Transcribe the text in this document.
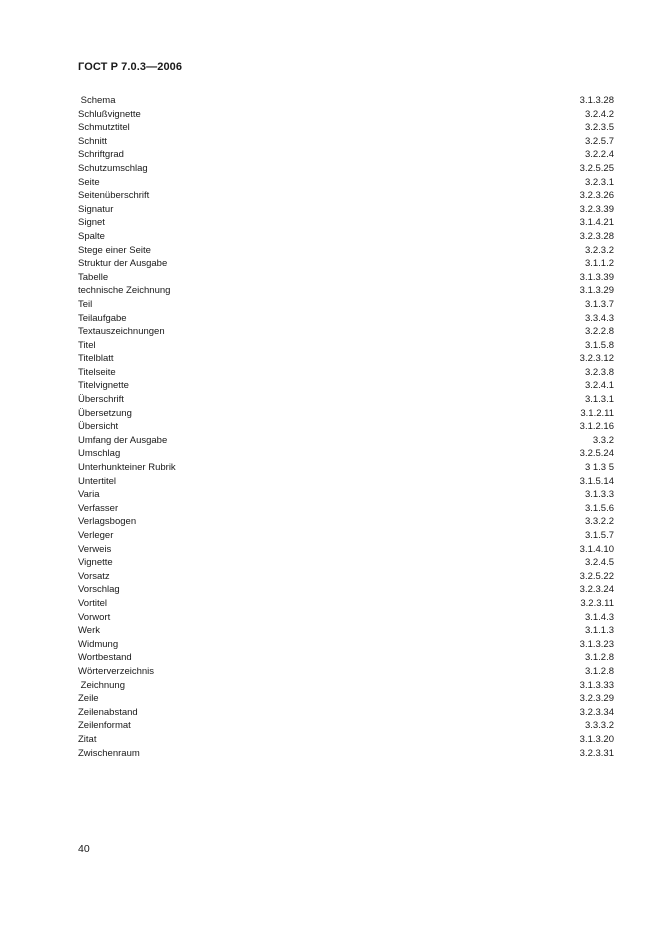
ГОСТ Р 7.0.3—2006
Schema	3.1.3.28
Schlußvignette	3.2.4.2
Schmutztitel	3.2.3.5
Schnitt	3.2.5.7
Schriftgrad	3.2.2.4
Schutzumschlag	3.2.5.25
Seite	3.2.3.1
Seitenüberschrift	3.2.3.26
Signatur	3.2.3.39
Signet	3.1.4.21
Spalte	3.2.3.28
Stege einer Seite	3.2.3.2
Struktur der Ausgabe	3.1.1.2
Tabelle	3.1.3.39
technische Zeichnung	3.1.3.29
Teil	3.1.3.7
Teilaufgabe	3.3.4.3
Textauszeichnungen	3.2.2.8
Titel	3.1.5.8
Titelblatt	3.2.3.12
Titelseite	3.2.3.8
Titelvignette	3.2.4.1
Überschrift	3.1.3.1
Übersetzung	3.1.2.11
Übersicht	3.1.2.16
Umfang der Ausgabe	3.3.2
Umschlag	3.2.5.24
Unterhunkteiner Rubrik	3 1.3 5
Untertitel	3.1.5.14
Varia	3.1.3.3
Verfasser	3.1.5.6
Verlagsbogen	3.3.2.2
Verleger	3.1.5.7
Verweis	3.1.4.10
Vignette	3.2.4.5
Vorsatz	3.2.5.22
Vorschlag	3.2.3.24
Vortitel	3.2.3.11
Vorwort	3.1.4.3
Werk	3.1.1.3
Widmung	3.1.3.23
Wortbestand	3.1.2.8
Wörterverzeichnis	3.1.2.8
Zeichnung	3.1.3.33
Zeile	3.2.3.29
Zeilenabstand	3.2.3.34
Zeilenformat	3.3.3.2
Zitat	3.1.3.20
Zwischenraum	3.2.3.31
40
